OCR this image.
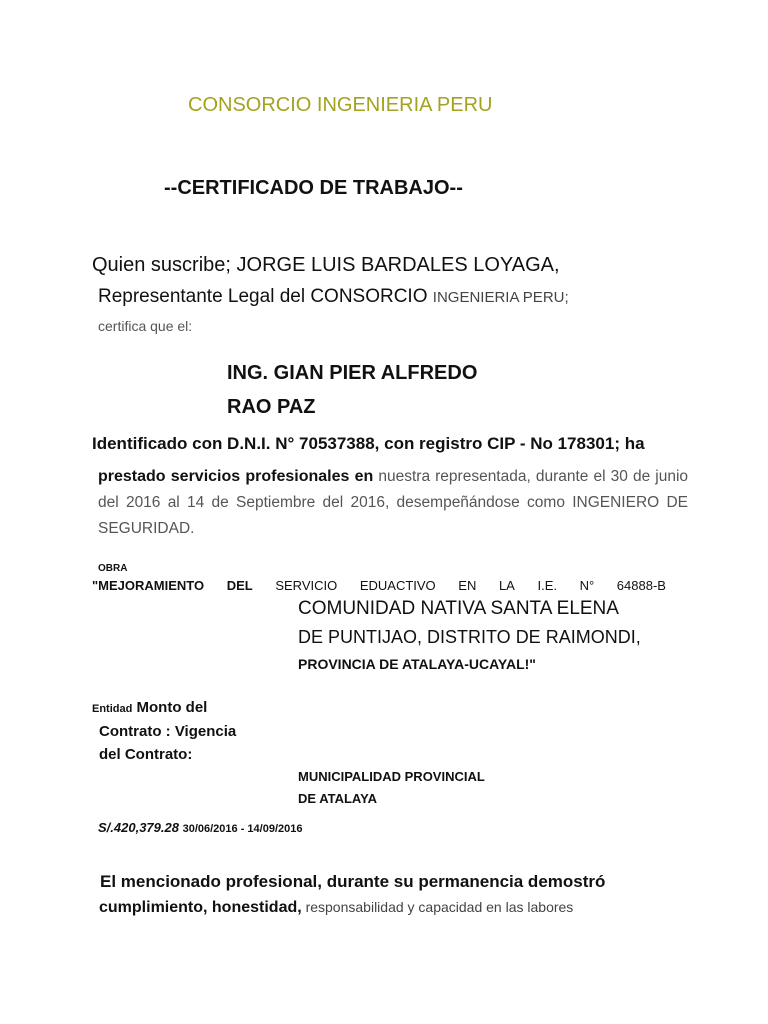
CONSORCIO INGENIERIA PERU
--CERTIFICADO DE TRABAJO--
Quien suscribe; JORGE LUIS BARDALES LOYAGA,
Representante Legal del CONSORCIO INGENIERIA PERU;
certifica que el:
ING. GIAN PIER ALFREDO
RAO PAZ
Identificado con D.N.I. N° 70537388, con registro CIP - No 178301; ha
prestado servicios profesionales en nuestra representada, durante el 30 de junio del 2016 al 14 de Septiembre del 2016, desempeñándose como INGENIERO DE SEGURIDAD.
OBRA
"MEJORAMIENTO DEL SERVICIO EDUACTIVO EN LA I.E. N° 64888-B
COMUNIDAD NATIVA SANTA ELENA
DE PUNTIJAO, DISTRITO DE RAIMONDI,
PROVINCIA DE ATALAYA-UCAYAL!"
Entidad Monto del
Contrato : Vigencia
del Contrato:
MUNICIPALIDAD PROVINCIAL
DE ATALAYA
S/.420,379.28 30/06/2016 - 14/09/2016
El mencionado profesional, durante su permanencia demostró
cumplimiento, honestidad, responsabilidad y capacidad en las labores
